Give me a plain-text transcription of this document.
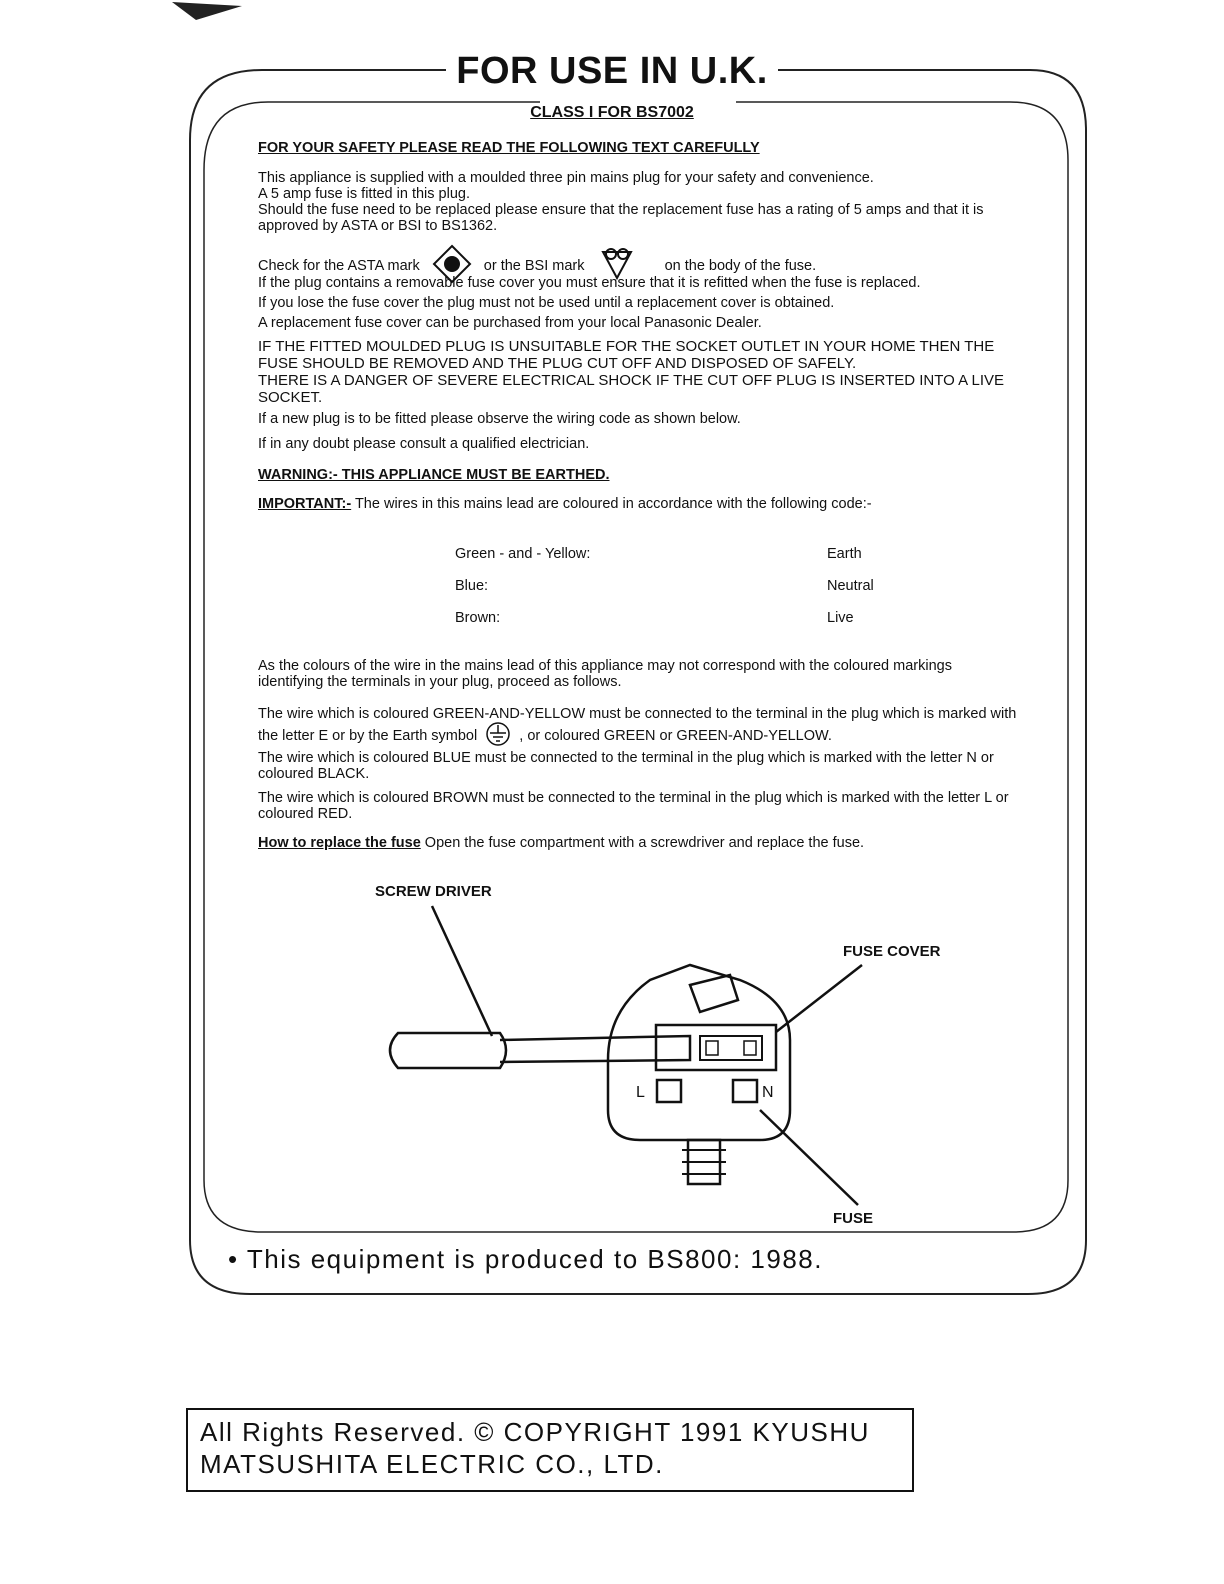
FOR USE IN U.K.
CLASS I FOR BS7002
FOR YOUR SAFETY PLEASE READ THE FOLLOWING TEXT CAREFULLY
This appliance is supplied with a moulded three pin mains plug for your safety and convenience.
A 5 amp fuse is fitted in this plug.
Should the fuse need to be replaced please ensure that the replacement fuse has a rating of 5 amps and that it is approved by ASTA or BSI to BS1362.
Check for the ASTA mark	or the BSI mark	on the body of the fuse.
If the plug contains a removable fuse cover you must ensure that it is refitted when the fuse is replaced.
If you lose the fuse cover the plug must not be used until a replacement cover is obtained.
A replacement fuse cover can be purchased from your local Panasonic Dealer.
IF THE FITTED MOULDED PLUG IS UNSUITABLE FOR THE SOCKET OUTLET IN YOUR HOME THEN THE FUSE SHOULD BE REMOVED AND THE PLUG CUT OFF AND DISPOSED OF SAFELY.
THERE IS A DANGER OF SEVERE ELECTRICAL SHOCK IF THE CUT OFF PLUG IS INSERTED INTO A LIVE SOCKET.
If a new plug is to be fitted please observe the wiring code as shown below.
If in any doubt please consult a qualified electrician.
WARNING:- THIS APPLIANCE MUST BE EARTHED.
IMPORTANT:- The wires in this mains lead are coloured in accordance with the following code:-
Green - and - Yellow:	Earth
Blue:	Neutral
Brown:	Live
As the colours of the wire in the mains lead of this appliance may not correspond with the coloured markings identifying the terminals in your plug, proceed as follows.
The wire which is coloured GREEN-AND-YELLOW must be connected to the terminal in the plug which is marked with the letter E or by the Earth symbol	, or coloured GREEN or GREEN-AND-YELLOW.
The wire which is coloured BLUE must be connected to the terminal in the plug which is marked with the letter N or coloured BLACK.
The wire which is coloured BROWN must be connected to the terminal in the plug which is marked with the letter L or coloured RED.
How to replace the fuse Open the fuse compartment with a screwdriver and replace the fuse.
SCREW DRIVER
FUSE COVER
FUSE
L	N
• This equipment is produced to BS800: 1988.
All Rights Reserved. © COPYRIGHT 1991 KYUSHU
MATSUSHITA ELECTRIC CO., LTD.
